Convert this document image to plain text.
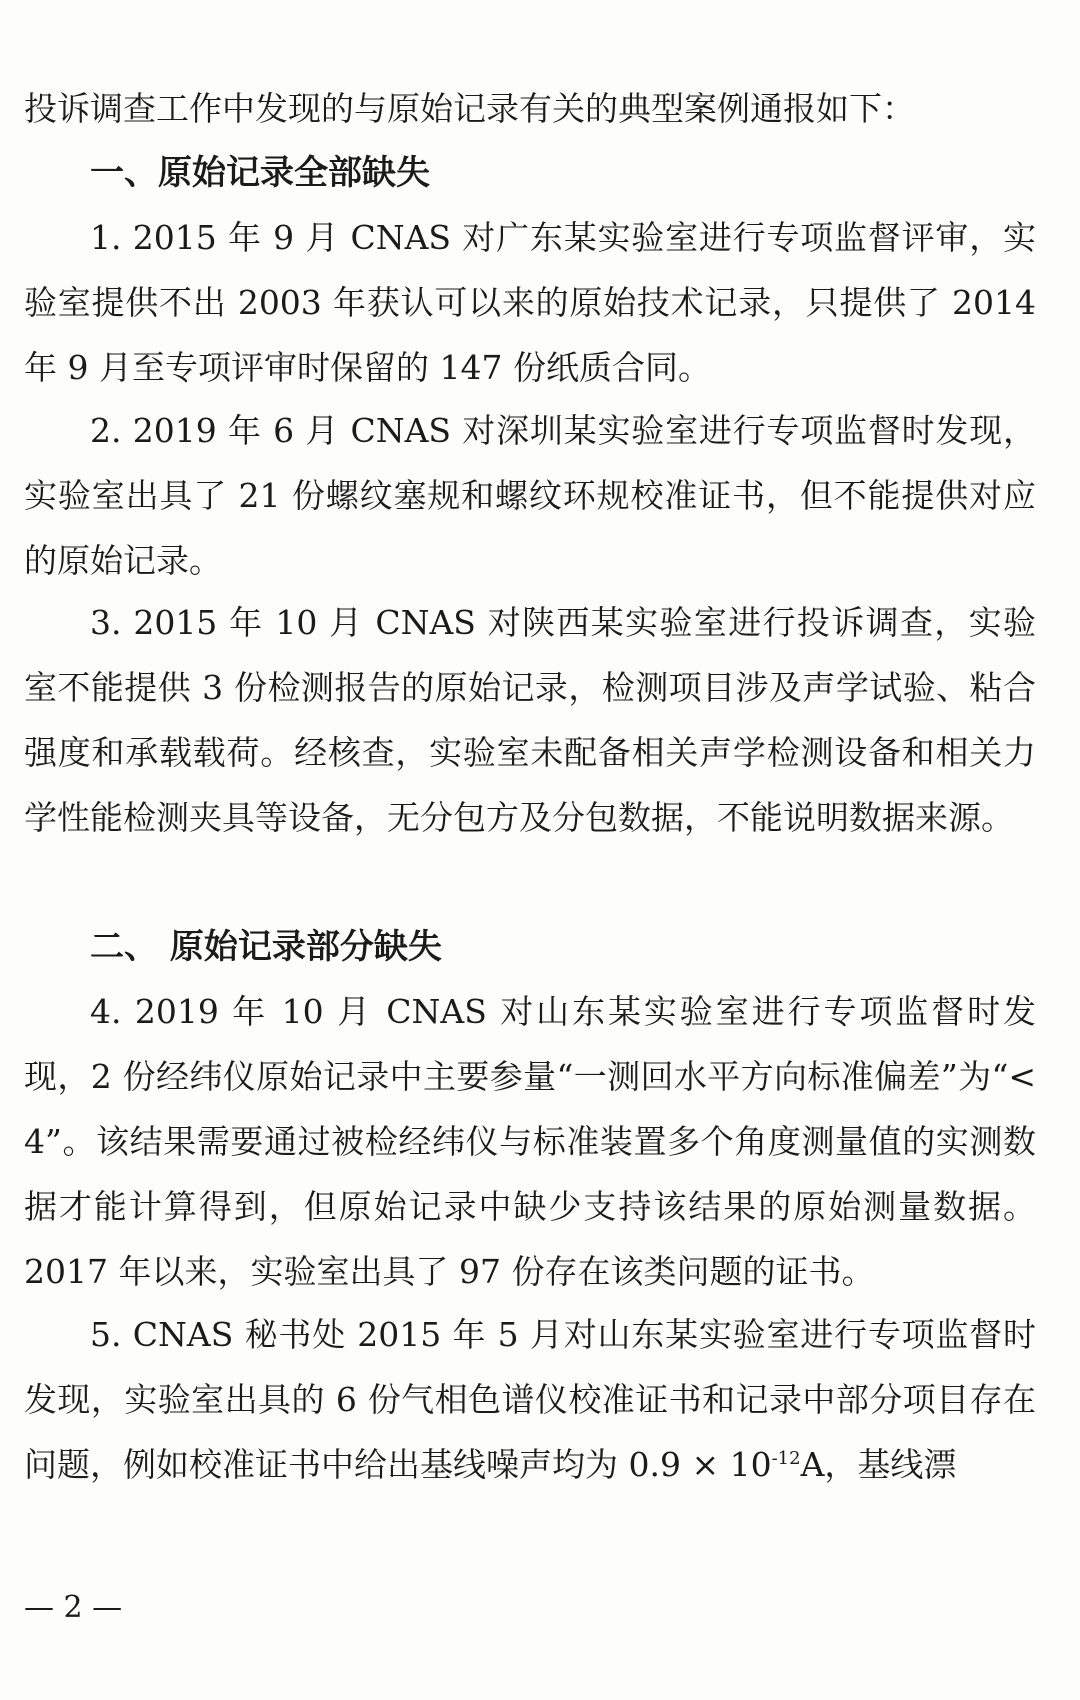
投诉调查工作中发现的与原始记录有关的典型案例通报如下：

一、原始记录全部缺失

1. 2015 年 9 月 CNAS 对广东某实验室进行专项监督评审，实验室提供不出 2003 年获认可以来的原始技术记录，只提供了 2014 年 9 月至专项评审时保留的 147 份纸质合同。

2. 2019 年 6 月 CNAS 对深圳某实验室进行专项监督时发现，实验室出具了 21 份螺纹塞规和螺纹环规校准证书，但不能提供对应的原始记录。

3. 2015 年 10 月 CNAS 对陕西某实验室进行投诉调查，实验室不能提供 3 份检测报告的原始记录，检测项目涉及声学试验、粘合强度和承载载荷。经核查，实验室未配备相关声学检测设备和相关力学性能检测夹具等设备，无分包方及分包数据，不能说明数据来源。

二、 原始记录部分缺失

4. 2019 年 10 月 CNAS 对山东某实验室进行专项监督时发现，2 份经纬仪原始记录中主要参量“一测回水平方向标准偏差”为“< 4”。该结果需要通过被检经纬仪与标准装置多个角度测量值的实测数据才能计算得到，但原始记录中缺少支持该结果的原始测量数据。2017 年以来，实验室出具了 97 份存在该类问题的证书。

5. CNAS 秘书处 2015 年 5 月对山东某实验室进行专项监督时发现，实验室出具的 6 份气相色谱仪校准证书和记录中部分项目存在问题，例如校准证书中给出基线噪声均为 $0.9 \times 10^{-12}A$，基线漂

— 2 —
